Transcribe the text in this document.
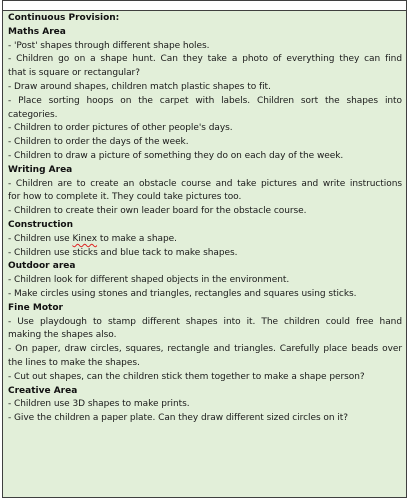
Continuous Provision:
Maths Area
- 'Post' shapes through different shape holes.
- Children go on a shape hunt. Can they take a photo of everything they can find
that is square or rectangular?
- Draw around shapes, children match plastic shapes to fit.
- Place sorting hoops on the carpet with labels. Children sort the shapes into
categories.
- Children to order pictures of other people's days.
- Children to order the days of the week.
- Children to draw a picture of something they do on each day of the week.
Writing Area
- Children are to create an obstacle course and take pictures and write instructions
for how to complete it. They could take pictures too.
- Children to create their own leader board for the obstacle course.
Construction
- Children use Kinex to make a shape.
- Children use sticks and blue tack to make shapes.
Outdoor area
- Children look for different shaped objects in the environment.
- Make circles using stones and triangles, rectangles and squares using sticks.
Fine Motor
- Use playdough to stamp different shapes into it. The children could free hand
making the shapes also.
- On paper, draw circles, squares, rectangle and triangles. Carefully place beads over
the lines to make the shapes.
- Cut out shapes, can the children stick them together to make a shape person?
Creative Area
- Children use 3D shapes to make prints.
- Give the children a paper plate. Can they draw different sized circles on it?
